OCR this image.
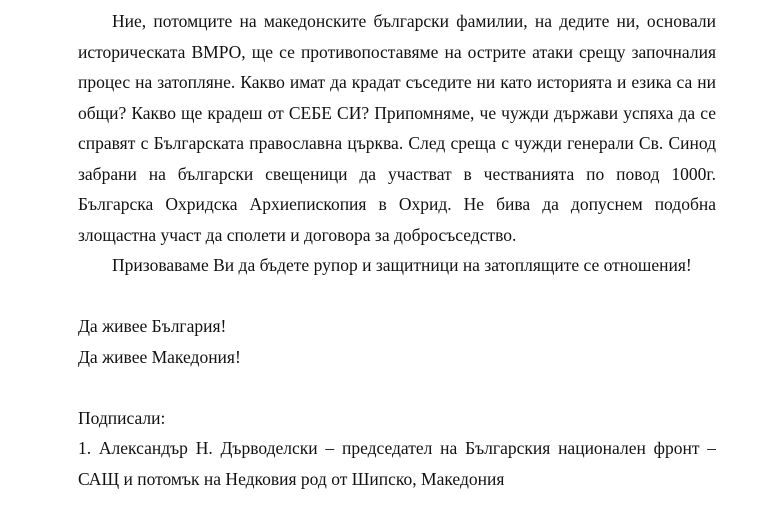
Ние, потомците на македонските български фамилии, на дедите ни, основали историческата ВМРО, ще се противопоставяме на острите атаки срещу започналия процес на затопляне. Какво имат да крадат съседите ни като историята и езика са ни общи? Какво ще крадеш от СЕБЕ СИ? Припомняме, че чужди държави успяха да се справят с Българската православна църква. След среща с чужди генерали Св. Синод забрани на български свещеници да участват в честванията по повод 1000г. Българска Охридска Архиепископия в Охрид. Не бива да допуснем подобна злощастна участ да сполети и договора за добросъседство.

Призоваваме Ви да бъдете рупор и защитници на затоплящите се отношения!

Да живее България!

Да живее Македония!

Подписали:

1. Александър Н. Дърводелски – председател на Българския национален фронт – САЩ и потомък на Недковия род от Шипско, Македония
